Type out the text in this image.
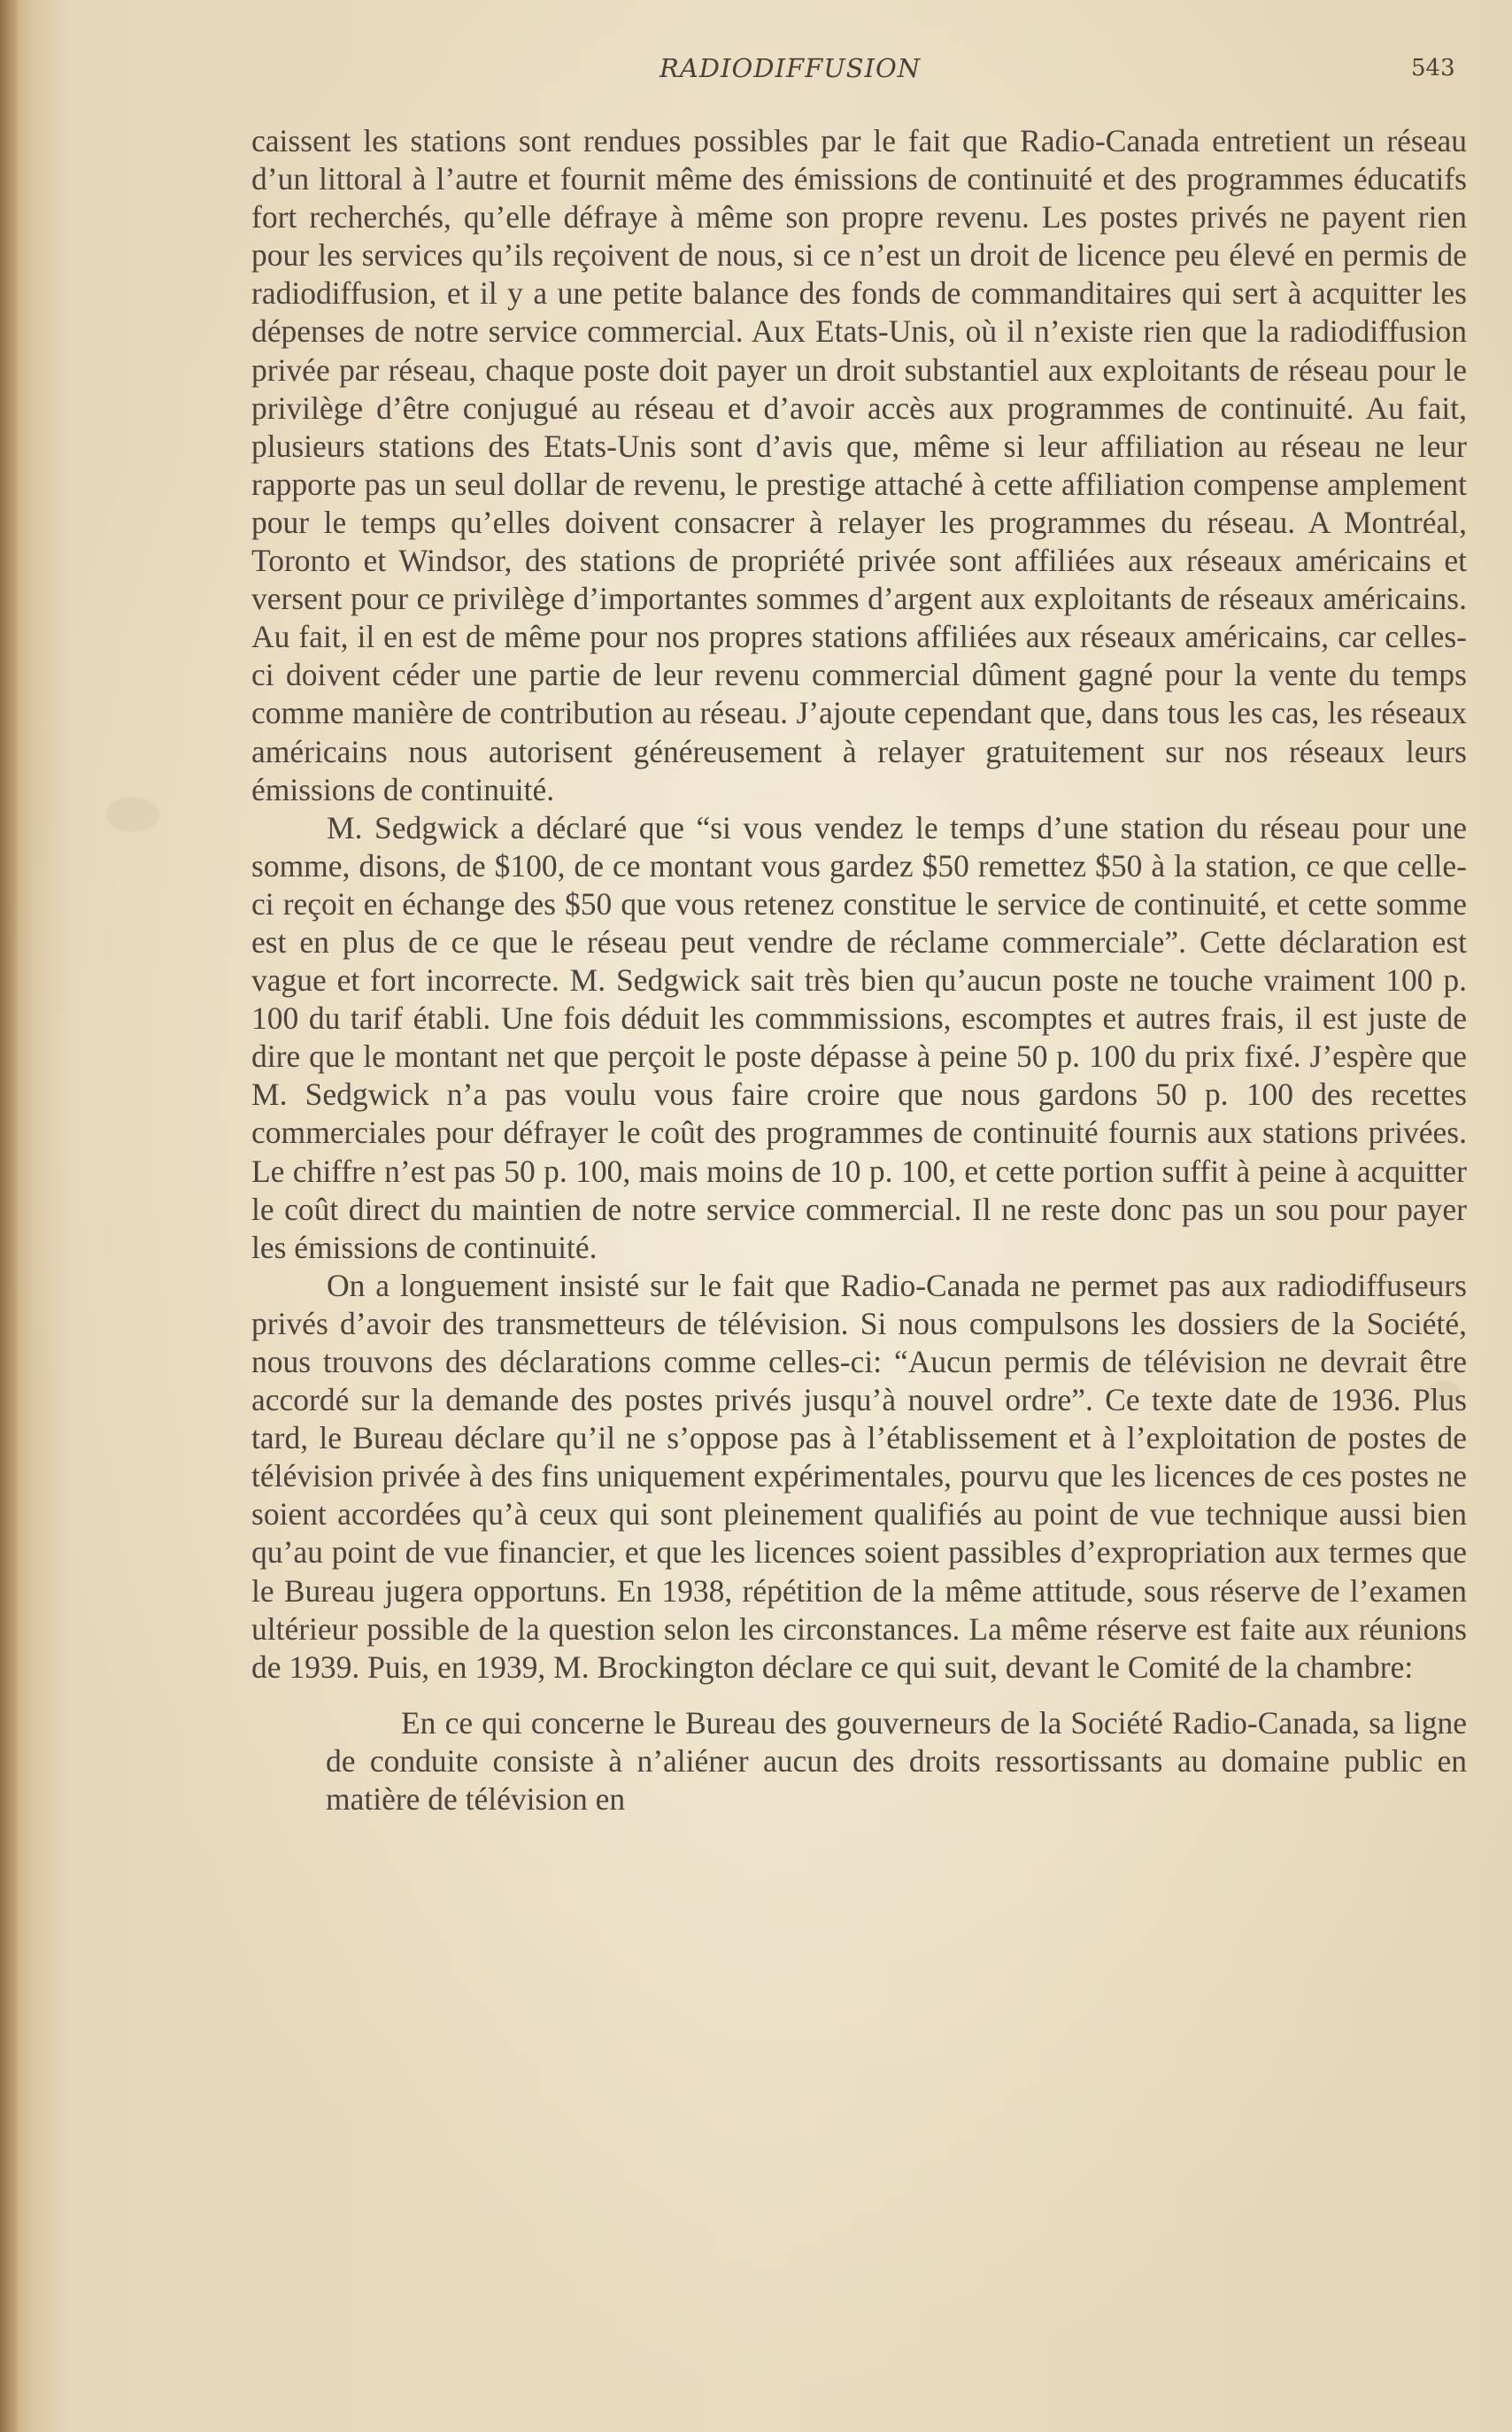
RADIODIFFUSION	543

caissent les stations sont rendues possibles par le fait que Radio-Canada entretient un réseau d’un littoral à l’autre et fournit même des émissions de continuité et des programmes éducatifs fort recherchés, qu’elle défraye à même son propre revenu. Les postes privés ne payent rien pour les services qu’ils reçoivent de nous, si ce n’est un droit de licence peu élevé en permis de radiodiffusion, et il y a une petite balance des fonds de commanditaires qui sert à acquitter les dépenses de notre service commercial. Aux Etats-Unis, où il n’existe rien que la radiodiffusion privée par réseau, chaque poste doit payer un droit substantiel aux exploitants de réseau pour le privilège d’être conjugué au réseau et d’avoir accès aux programmes de continuité. Au fait, plusieurs stations des Etats-Unis sont d’avis que, même si leur affiliation au réseau ne leur rapporte pas un seul dollar de revenu, le prestige attaché à cette affiliation compense amplement pour le temps qu’elles doivent consacrer à relayer les programmes du réseau. A Montréal, Toronto et Windsor, des stations de propriété privée sont affiliées aux réseaux américains et versent pour ce privilège d’importantes sommes d’argent aux exploitants de réseaux américains. Au fait, il en est de même pour nos propres stations affiliées aux réseaux américains, car celles-ci doivent céder une partie de leur revenu commercial dûment gagné pour la vente du temps comme manière de contribution au réseau. J’ajoute cependant que, dans tous les cas, les réseaux américains nous autorisent généreusement à relayer gratuitement sur nos réseaux leurs émissions de continuité.

M. Sedgwick a déclaré que “si vous vendez le temps d’une station du réseau pour une somme, disons, de $100, de ce montant vous gardez $50 remettez $50 à la station, ce que celle-ci reçoit en échange des $50 que vous retenez constitue le service de continuité, et cette somme est en plus de ce que le réseau peut vendre de réclame commerciale”. Cette déclaration est vague et fort incorrecte. M. Sedgwick sait très bien qu’aucun poste ne touche vraiment 100 p. 100 du tarif établi. Une fois déduit les commmissions, escomptes et autres frais, il est juste de dire que le montant net que perçoit le poste dépasse à peine 50 p. 100 du prix fixé. J’espère que M. Sedgwick n’a pas voulu vous faire croire que nous gardons 50 p. 100 des recettes commerciales pour défrayer le coût des programmes de continuité fournis aux stations privées. Le chiffre n’est pas 50 p. 100, mais moins de 10 p. 100, et cette portion suffit à peine à acquitter le coût direct du maintien de notre service commercial. Il ne reste donc pas un sou pour payer les émissions de continuité.

On a longuement insisté sur le fait que Radio-Canada ne permet pas aux radiodiffuseurs privés d’avoir des transmetteurs de télévision. Si nous compulsons les dossiers de la Société, nous trouvons des déclarations comme celles-ci: “Aucun permis de télévision ne devrait être accordé sur la demande des postes privés jusqu’à nouvel ordre”. Ce texte date de 1936. Plus tard, le Bureau déclare qu’il ne s’oppose pas à l’établissement et à l’exploitation de postes de télévision privée à des fins uniquement expérimentales, pourvu que les licences de ces postes ne soient accordées qu’à ceux qui sont pleinement qualifiés au point de vue technique aussi bien qu’au point de vue financier, et que les licences soient passibles d’expropriation aux termes que le Bureau jugera opportuns. En 1938, répétition de la même attitude, sous réserve de l’examen ultérieur possible de la question selon les circonstances. La même réserve est faite aux réunions de 1939. Puis, en 1939, M. Brockington déclare ce qui suit, devant le Comité de la chambre:

En ce qui concerne le Bureau des gouverneurs de la Société Radio-Canada, sa ligne de conduite consiste à n’aliéner aucun des droits ressortissants au domaine public en matière de télévision en
